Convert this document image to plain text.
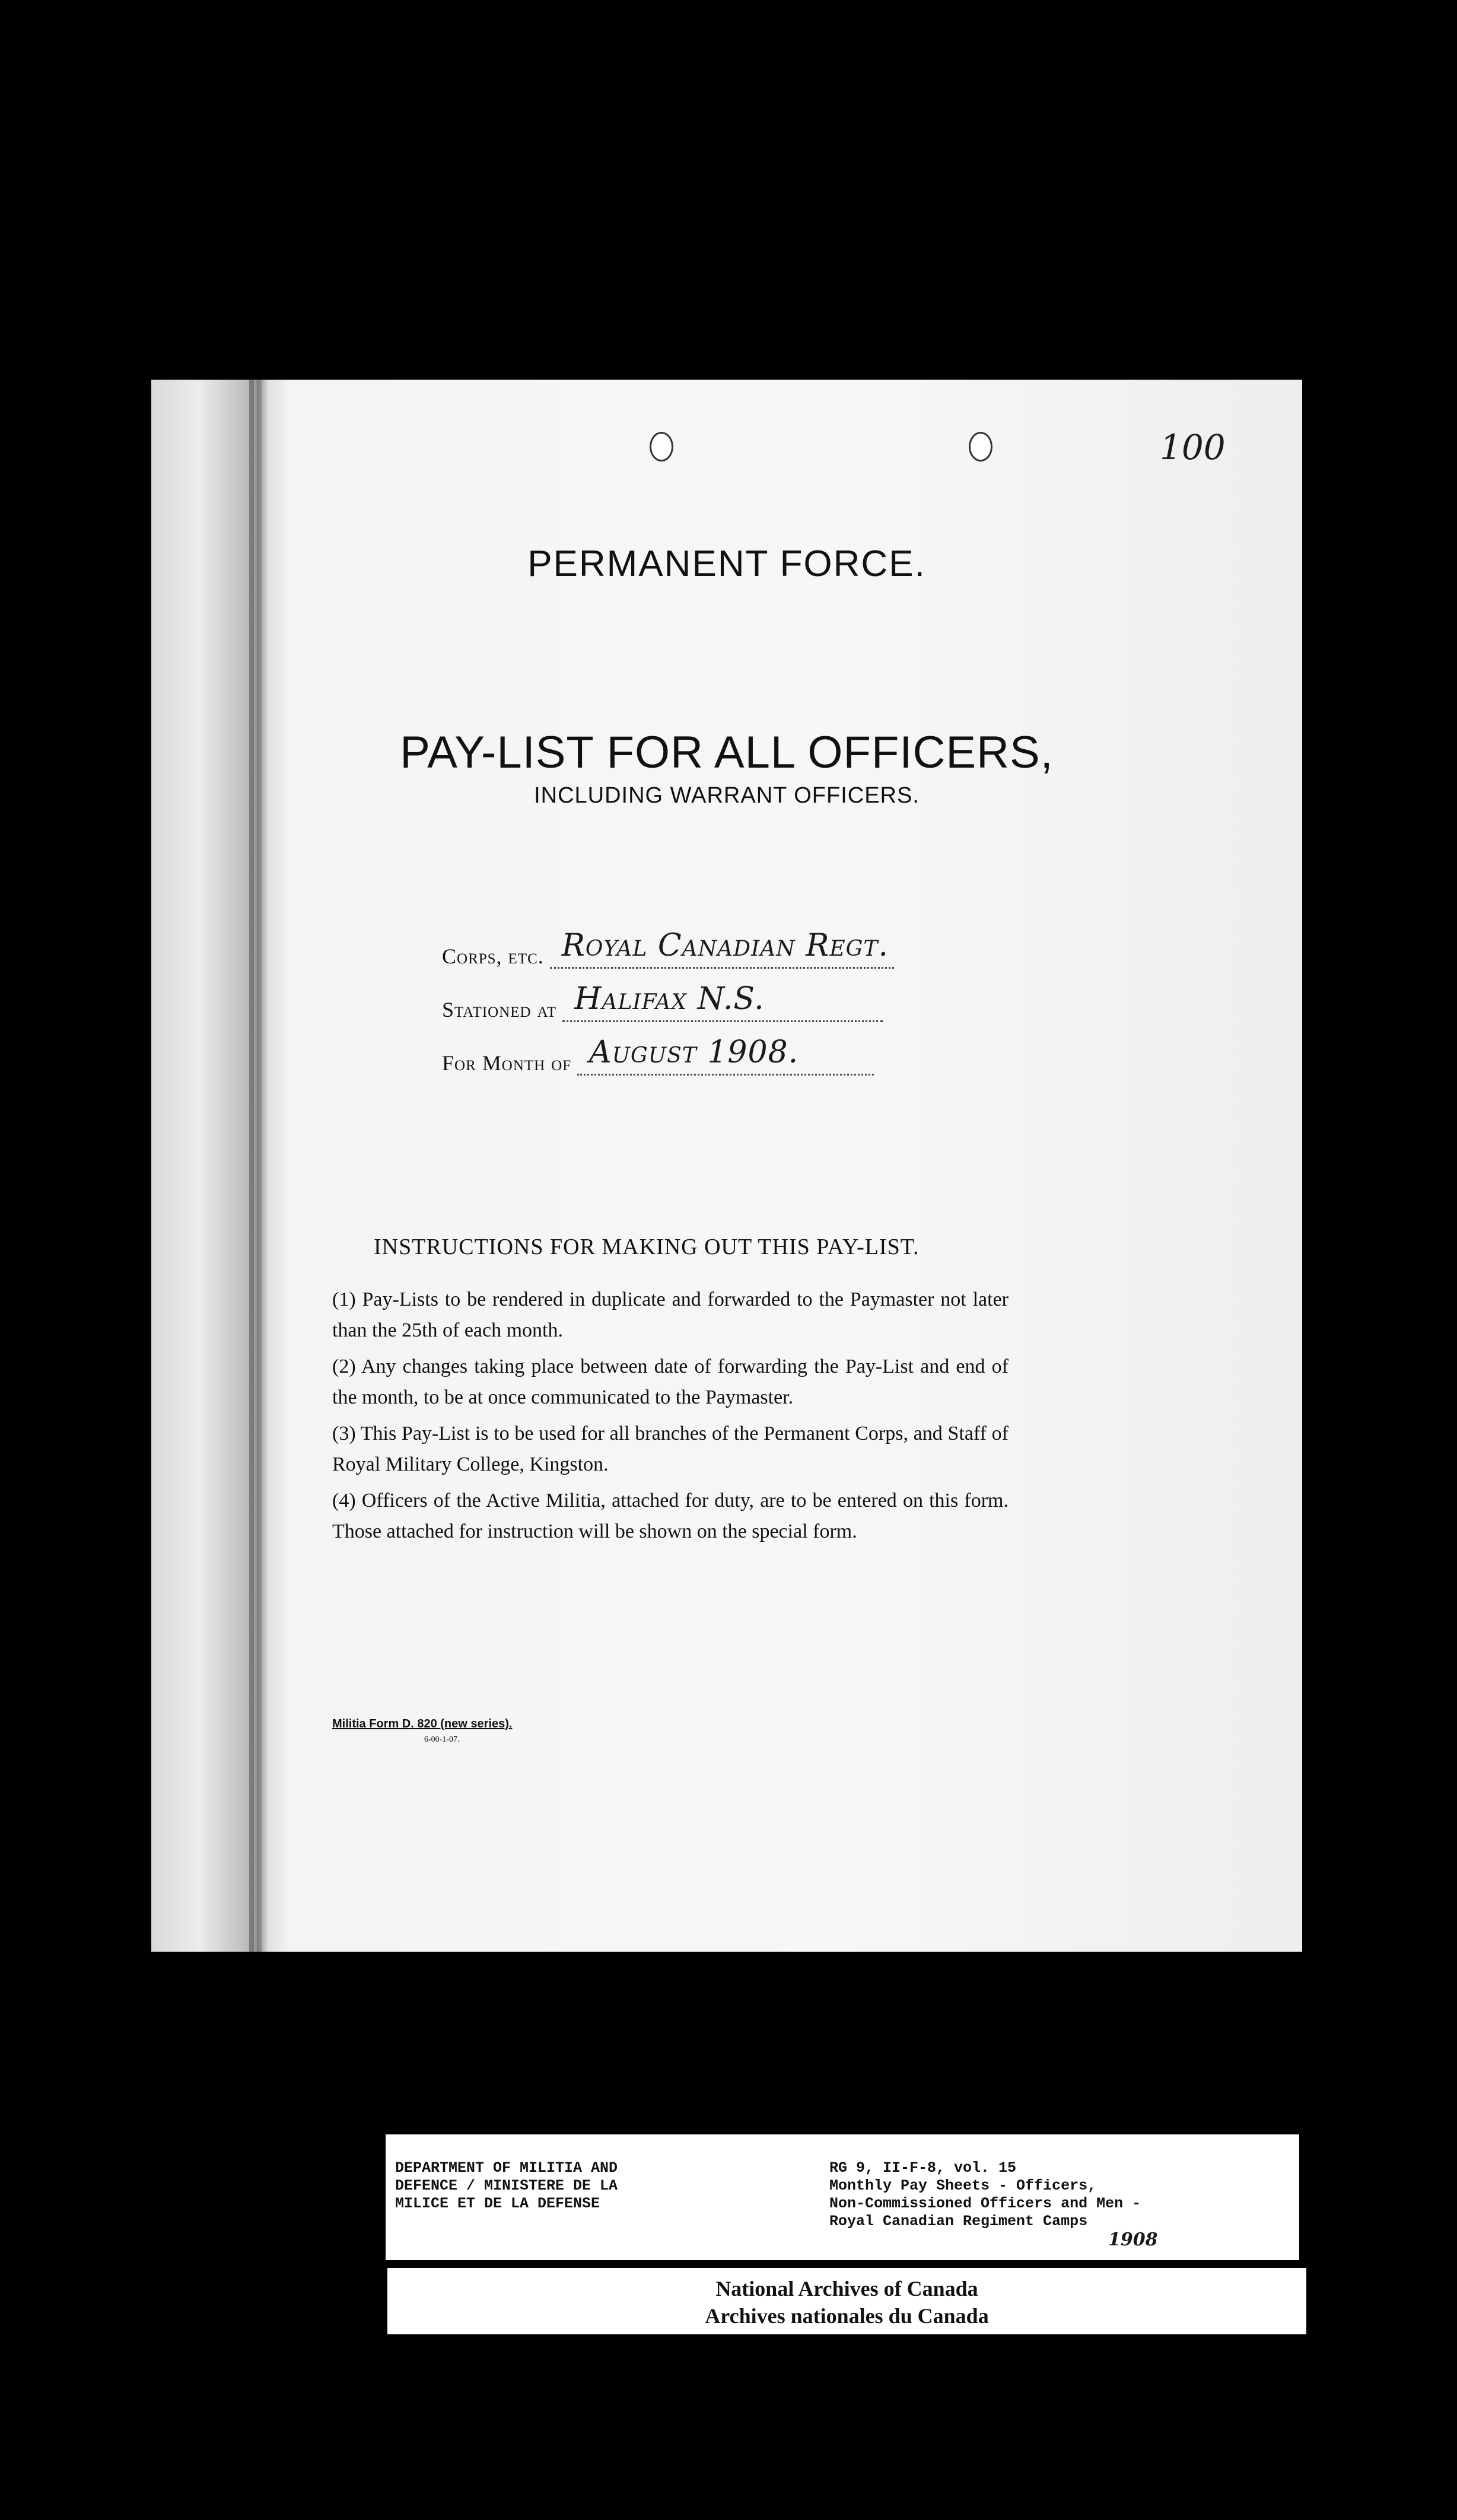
100
PERMANENT FORCE.
PAY-LIST FOR ALL OFFICERS,
INCLUDING WARRANT OFFICERS.
Corps, etc. Royal Canadian Regt.
Stationed at Halifax N.S.
For Month of August 1908.
INSTRUCTIONS FOR MAKING OUT THIS PAY-LIST.
(1) Pay-Lists to be rendered in duplicate and forwarded to the Paymaster not later than the 25th of each month.
(2) Any changes taking place between date of forwarding the Pay-List and end of the month, to be at once communicated to the Paymaster.
(3) This Pay-List is to be used for all branches of the Permanent Corps, and Staff of Royal Military College, Kingston.
(4) Officers of the Active Militia, attached for duty, are to be entered on this form. Those attached for instruction will be shown on the special form.
Militia Form D. 820 (new series).
6-00-1-07.
DEPARTMENT OF MILITIA AND
DEFENCE / MINISTERE DE LA
MILICE ET DE LA DEFENSE
RG 9, II-F-8, vol. 15
Monthly Pay Sheets - Officers,
Non-Commissioned Officers and Men -
Royal Canadian Regiment Camps
1908
National Archives of Canada
Archives nationales du Canada
